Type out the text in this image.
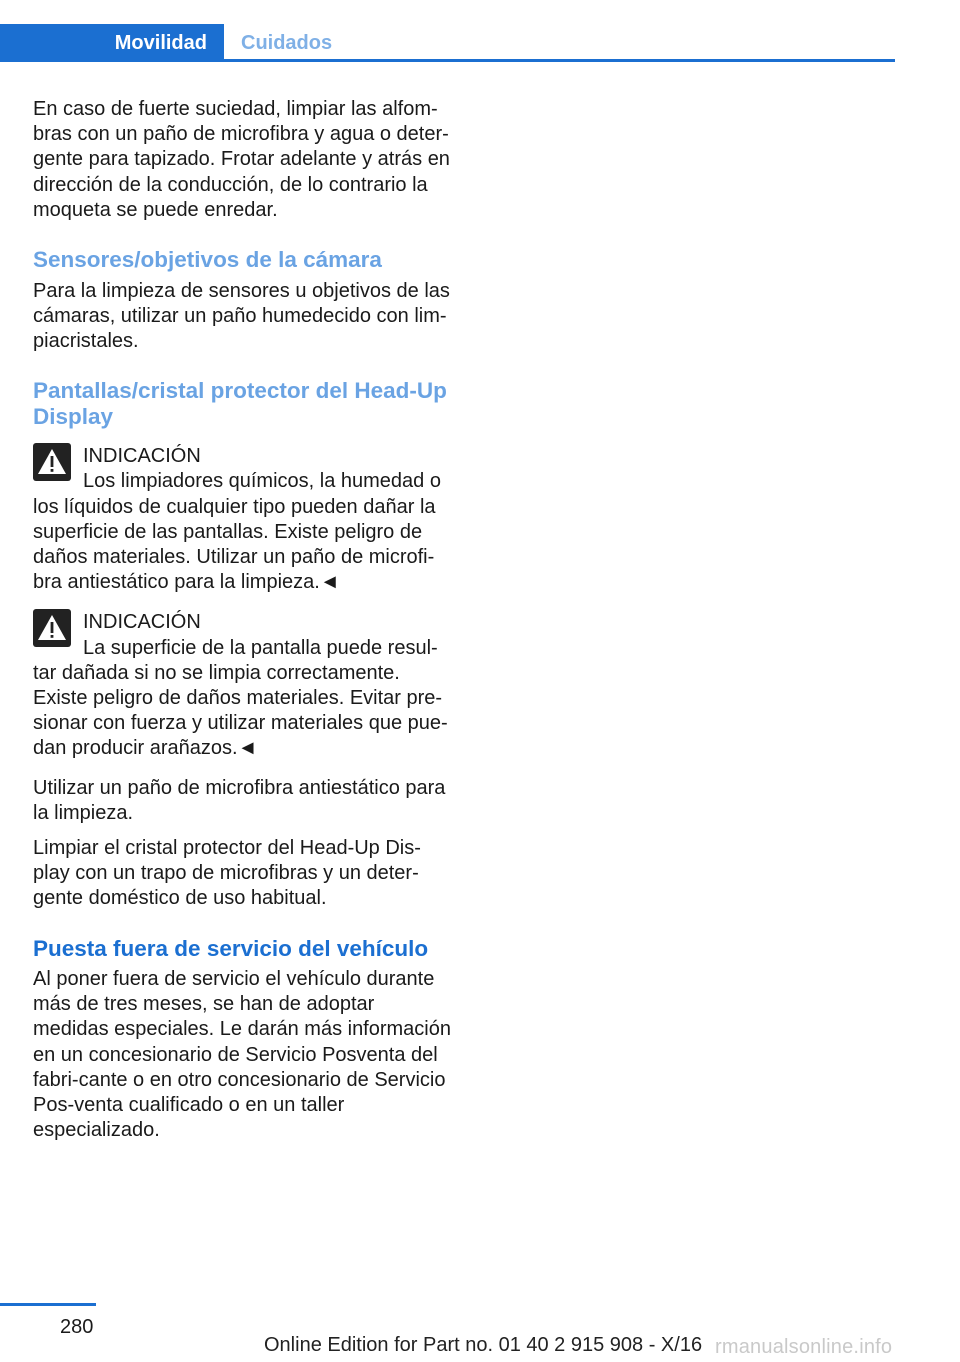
Movilidad	Cuidados

En caso de fuerte suciedad, limpiar las alfom-bras con un paño de microfibra y agua o deter-gente para tapizado. Frotar adelante y atrás en dirección de la conducción, de lo contrario la moqueta se puede enredar.

Sensores/objetivos de la cámara

Para la limpieza de sensores u objetivos de las cámaras, utilizar un paño humedecido con lim-piacristales.

Pantallas/cristal protector del Head-Up Display
INDICACIÓN

Los limpiadores químicos, la humedad o
los líquidos de cualquier tipo pueden dañar la superficie de las pantallas. Existe peligro de daños materiales. Utilizar un paño de microfi-bra antiestático para la limpieza.◄

INDICACIÓN

La superficie de la pantalla puede resul-
tar dañada si no se limpia correctamente. Existe peligro de daños materiales. Evitar pre-sionar con fuerza y utilizar materiales que pue-dan producir arañazos.◄

Utilizar un paño de microfibra antiestático para la limpieza.

Limpiar el cristal protector del Head-Up Dis-play con un trapo de microfibras y un deter-gente doméstico de uso habitual.

Puesta fuera de servicio del vehículo

Al poner fuera de servicio el vehículo durante más de tres meses, se han de adoptar medidas especiales. Le darán más información en un concesionario de Servicio Posventa del fabri-cante o en otro concesionario de Servicio Pos-venta cualificado o en un taller especializado.

280
Online Edition for Part no. 01 40 2 915 908 - X/16 rmanualsonline.info
